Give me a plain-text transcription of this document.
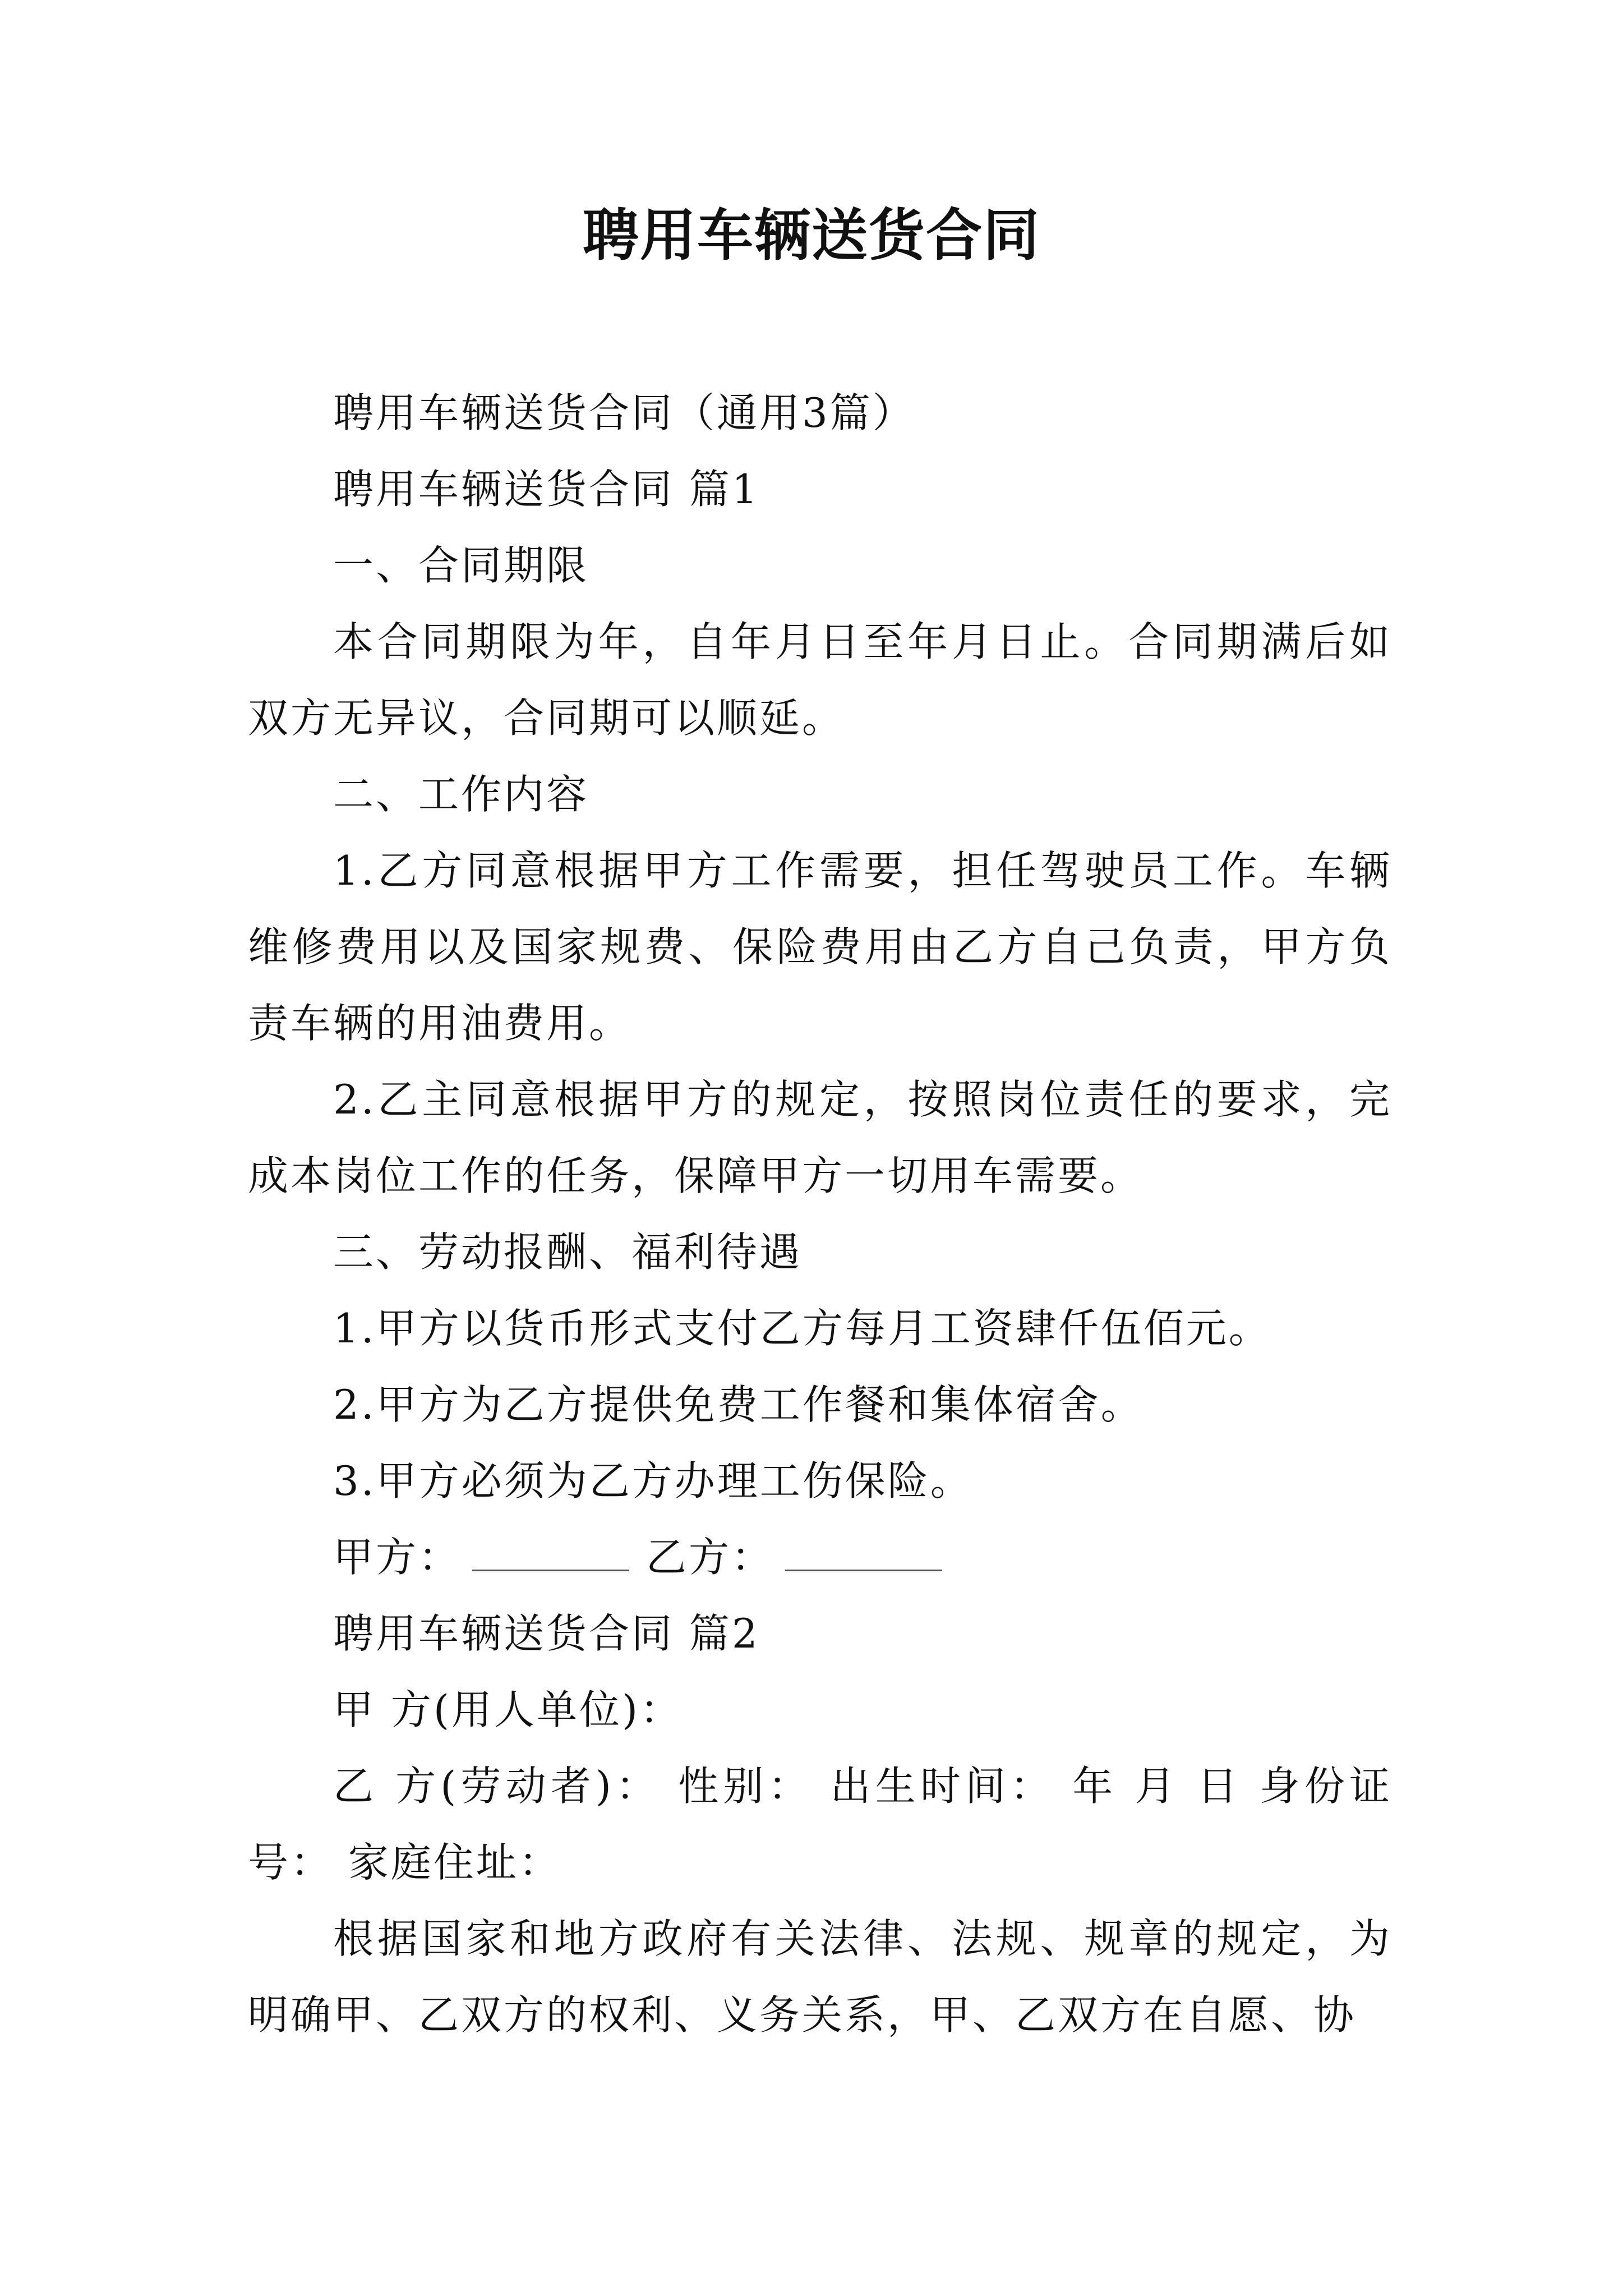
聘用车辆送货合同

聘用车辆送货合同（通用3篇）

聘用车辆送货合同 篇1

一、合同期限

本合同期限为年，自年月日至年月日止。合同期满后如双方无异议，合同期可以顺延。

二、工作内容

1.乙方同意根据甲方工作需要，担任驾驶员工作。车辆维修费用以及国家规费、保险费用由乙方自己负责，甲方负责车辆的用油费用。

2.乙主同意根据甲方的规定，按照岗位责任的要求，完成本岗位工作的任务，保障甲方一切用车需要。

三、劳动报酬、福利待遇

1.甲方以货币形式支付乙方每月工资肆仟伍佰元。

2.甲方为乙方提供免费工作餐和集体宿舍。

3.甲方必须为乙方办理工伤保险。

甲方：	乙方：

聘用车辆送货合同 篇2

甲 方(用人单位)：

乙 方(劳动者)： 性别： 出生时间： 年 月 日 身份证号： 家庭住址：

根据国家和地方政府有关法律、法规、规章的规定，为明确甲、乙双方的权利、义务关系，甲、乙双方在自愿、协
